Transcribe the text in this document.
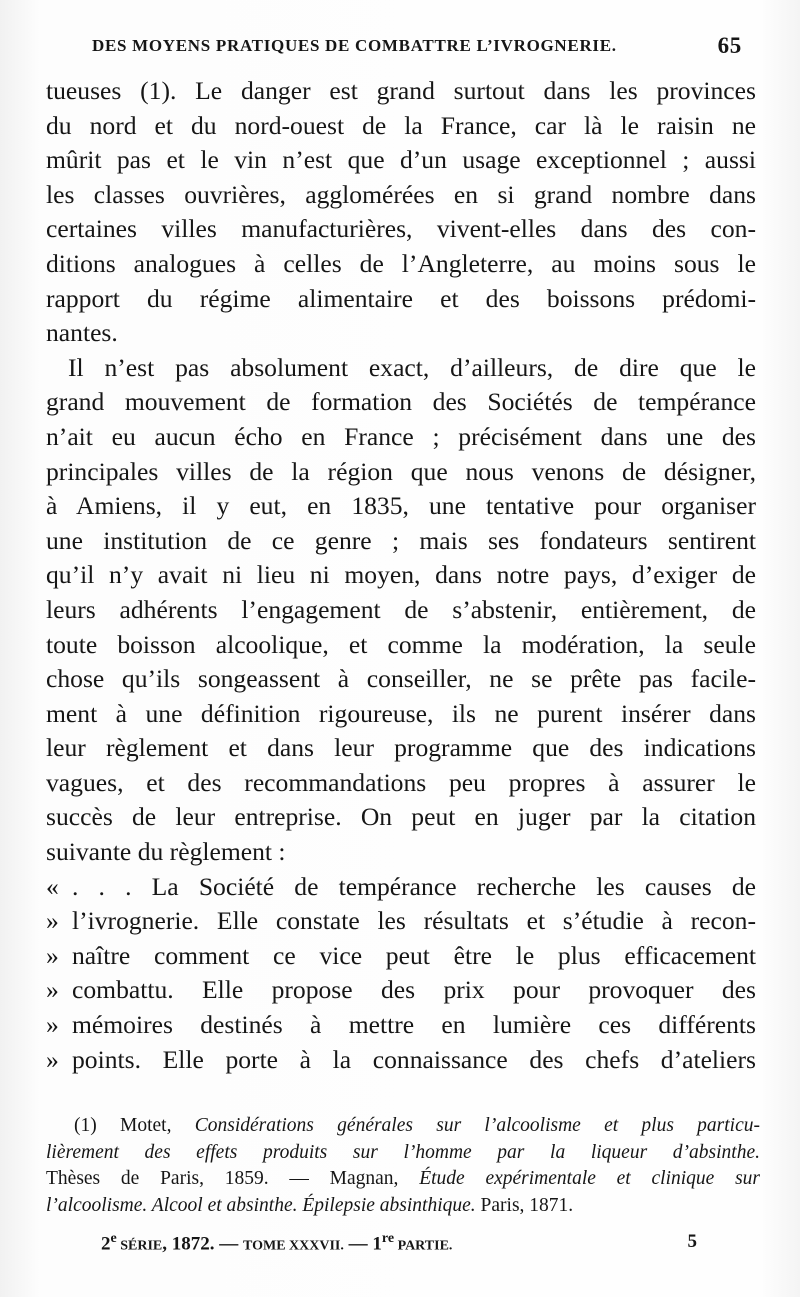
DES MOYENS PRATIQUES DE COMBATTRE L’IVROGNERIE.	65
tueuses (1). Le danger est grand surtout dans les provinces
du nord et du nord-ouest de la France, car là le raisin ne
mûrit pas et le vin n’est que d’un usage exceptionnel ; aussi
les classes ouvrières, agglomérées en si grand nombre dans
certaines villes manufacturières, vivent-elles dans des con-
ditions analogues à celles de l’Angleterre, au moins sous le
rapport du régime alimentaire et des boissons prédomi-
nantes.
Il n’est pas absolument exact, d’ailleurs, de dire que le
grand mouvement de formation des Sociétés de tempérance
n’ait eu aucun écho en France ; précisément dans une des
principales villes de la région que nous venons de désigner,
à Amiens, il y eut, en 1835, une tentative pour organiser
une institution de ce genre ; mais ses fondateurs sentirent
qu’il n’y avait ni lieu ni moyen, dans notre pays, d’exiger de
leurs adhérents l’engagement de s’abstenir, entièrement, de
toute boisson alcoolique, et comme la modération, la seule
chose qu’ils songeassent à conseiller, ne se prête pas facile-
ment à une définition rigoureuse, ils ne purent insérer dans
leur règlement et dans leur programme que des indications
vagues, et des recommandations peu propres à assurer le
succès de leur entreprise. On peut en juger par la citation
suivante du règlement :
« . . . La Société de tempérance recherche les causes de
» l’ivrognerie. Elle constate les résultats et s’étudie à recon-
» naître comment ce vice peut être le plus efficacement
» combattu. Elle propose des prix pour provoquer des
» mémoires destinés à mettre en lumière ces différents
» points. Elle porte à la connaissance des chefs d’ateliers
(1) Motet, Considérations générales sur l’alcoolisme et plus particu-
lièrement des effets produits sur l’homme par la liqueur d’absinthe.
Thèses de Paris, 1859. — Magnan, Étude expérimentale et clinique sur
l’alcoolisme. Alcool et absinthe. Épilepsie absinthique. Paris, 1871.
2e SÉRIE, 1872. — TOME XXXVII. — 1re PARTIE.	5
